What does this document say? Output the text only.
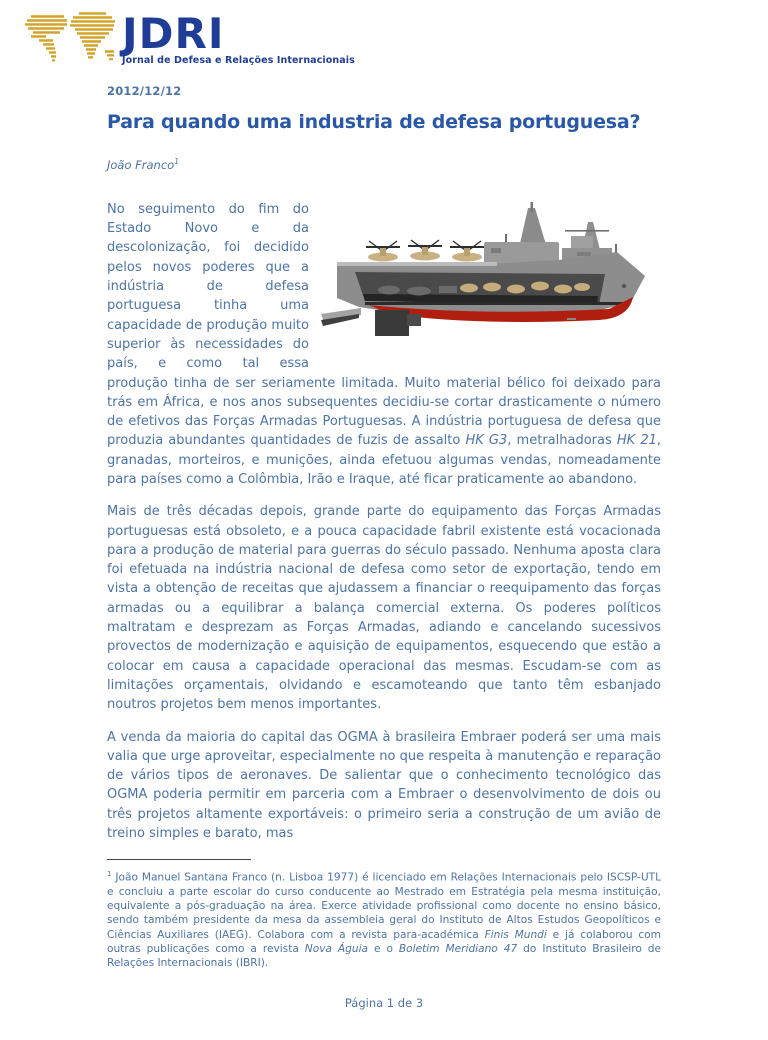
JDRI
Jornal de Defesa e Relações Internacionais
2012/12/12
Para quando uma industria de defesa portuguesa?
João Franco$^1$

No seguimento do fim do Estado Novo e da descolonização, foi decidido pelos novos poderes que a indústria de defesa portuguesa tinha uma capacidade de produção muito superior às necessidades do país, e como tal essa produção tinha de ser seriamente limitada. Muito material bélico foi deixado para trás em África, e nos anos subsequentes decidiu-se cortar drasticamente o número de efetivos das Forças Armadas Portuguesas. A indústria portuguesa de defesa que produzia abundantes quantidades de fuzis de assalto HK G3, metralhadoras HK 21, granadas, morteiros, e munições, ainda efetuou algumas vendas, nomeadamente para países como a Colômbia, Irão e Iraque, até ficar praticamente ao abandono.

Mais de três décadas depois, grande parte do equipamento das Forças Armadas portuguesas está obsoleto, e a pouca capacidade fabril existente está vocacionada para a produção de material para guerras do século passado. Nenhuma aposta clara foi efetuada na indústria nacional de defesa como setor de exportação, tendo em vista a obtenção de receitas que ajudassem a financiar o reequipamento das forças armadas ou a equilibrar a balança comercial externa. Os poderes políticos maltratam e desprezam as Forças Armadas, adiando e cancelando sucessivos provectos de modernização e aquisição de equipamentos, esquecendo que estão a colocar em causa a capacidade operacional das mesmas. Escudam-se com as limitações orçamentais, olvidando e escamoteando que tanto têm esbanjado noutros projetos bem menos importantes.

A venda da maioria do capital das OGMA à brasileira Embraer poderá ser uma mais valia que urge aproveitar, especialmente no que respeita à manutenção e reparação de vários tipos de aeronaves. De salientar que o conhecimento tecnológico das OGMA poderia permitir em parceria com a Embraer o desenvolvimento de dois ou três projetos altamente exportáveis: o primeiro seria a construção de um avião de treino simples e barato, mas

$^1$ João Manuel Santana Franco (n. Lisboa 1977) é licenciado em Relações Internacionais pelo ISCSP-UTL e concluiu a parte escolar do curso conducente ao Mestrado em Estratégia pela mesma instituição, equivalente a pós-graduação na área. Exerce atividade profissional como docente no ensino básico, sendo também presidente da mesa da assembleia geral do Instituto de Altos Estudos Geopolíticos e Ciências Auxiliares (IAEG). Colabora com a revista para-académica Finis Mundi e já colaborou com outras publicações como a revista Nova Águia e o Boletim Meridiano 47 do Instituto Brasileiro de Relações Internacionais (IBRI).
Página 1 de 3
